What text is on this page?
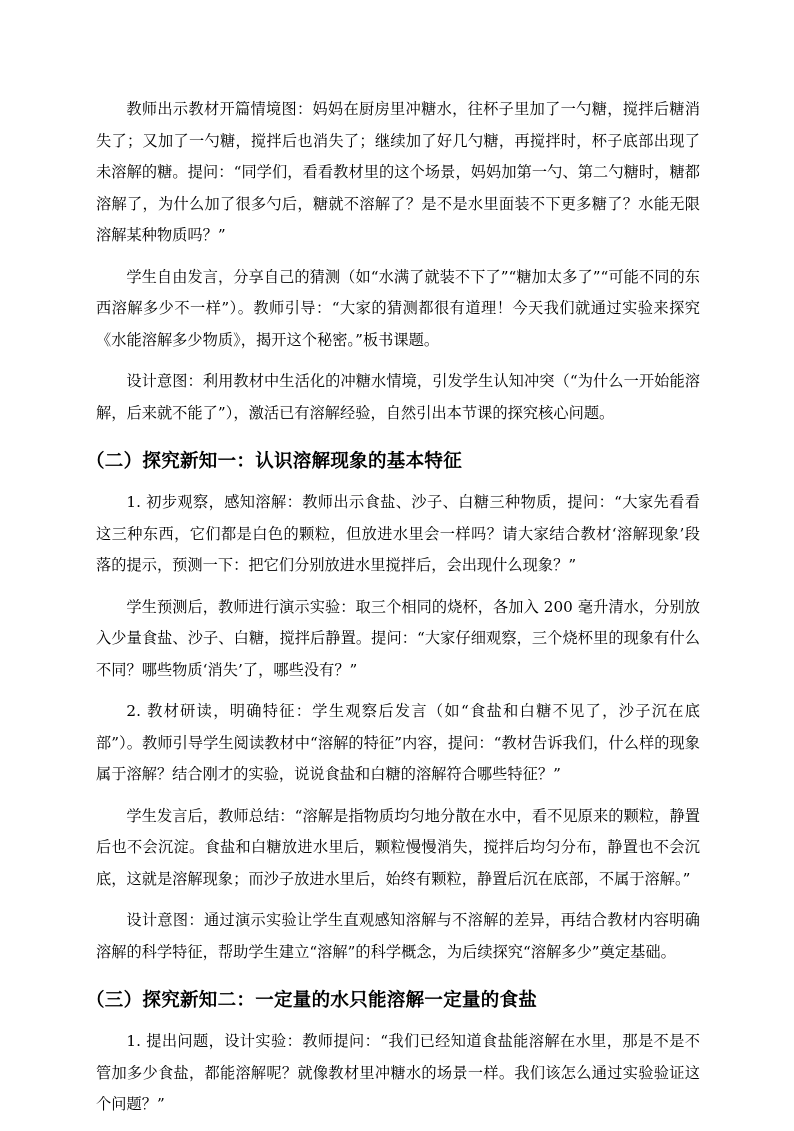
教师出示教材开篇情境图：妈妈在厨房里冲糖水，往杯子里加了一勺糖，搅拌后糖消失了；又加了一勺糖，搅拌后也消失了；继续加了好几勺糖，再搅拌时，杯子底部出现了未溶解的糖。提问：“同学们，看看教材里的这个场景，妈妈加第一勺、第二勺糖时，糖都溶解了，为什么加了很多勺后，糖就不溶解了？是不是水里面装不下更多糖了？水能无限溶解某种物质吗？”

学生自由发言，分享自己的猜测（如“水满了就装不下了”“糖加太多了”“可能不同的东西溶解多少不一样”）。教师引导：“大家的猜测都很有道理！今天我们就通过实验来探究《水能溶解多少物质》，揭开这个秘密。”板书课题。

设计意图：利用教材中生活化的冲糖水情境，引发学生认知冲突（“为什么一开始能溶解，后来就不能了”），激活已有溶解经验，自然引出本节课的探究核心问题。

（二）探究新知一：认识溶解现象的基本特征

1. 初步观察，感知溶解：教师出示食盐、沙子、白糖三种物质，提问：“大家先看看这三种东西，它们都是白色的颗粒，但放进水里会一样吗？请大家结合教材‘溶解现象’段落的提示，预测一下：把它们分别放进水里搅拌后，会出现什么现象？”

学生预测后，教师进行演示实验：取三个相同的烧杯，各加入 200 毫升清水，分别放入少量食盐、沙子、白糖，搅拌后静置。提问：“大家仔细观察，三个烧杯里的现象有什么不同？哪些物质‘消失’了，哪些没有？”

2. 教材研读，明确特征：学生观察后发言（如“食盐和白糖不见了，沙子沉在底部”）。教师引导学生阅读教材中“溶解的特征”内容，提问：“教材告诉我们，什么样的现象属于溶解？结合刚才的实验，说说食盐和白糖的溶解符合哪些特征？”

学生发言后，教师总结：“溶解是指物质均匀地分散在水中，看不见原来的颗粒，静置后也不会沉淀。食盐和白糖放进水里后，颗粒慢慢消失，搅拌后均匀分布，静置也不会沉底，这就是溶解现象；而沙子放进水里后，始终有颗粒，静置后沉在底部，不属于溶解。”

设计意图：通过演示实验让学生直观感知溶解与不溶解的差异，再结合教材内容明确溶解的科学特征，帮助学生建立“溶解”的科学概念，为后续探究“溶解多少”奠定基础。

（三）探究新知二：一定量的水只能溶解一定量的食盐

1. 提出问题，设计实验：教师提问：“我们已经知道食盐能溶解在水里，那是不是不管加多少食盐，都能溶解呢？就像教材里冲糖水的场景一样。我们该怎么通过实验验证这个问题？”
